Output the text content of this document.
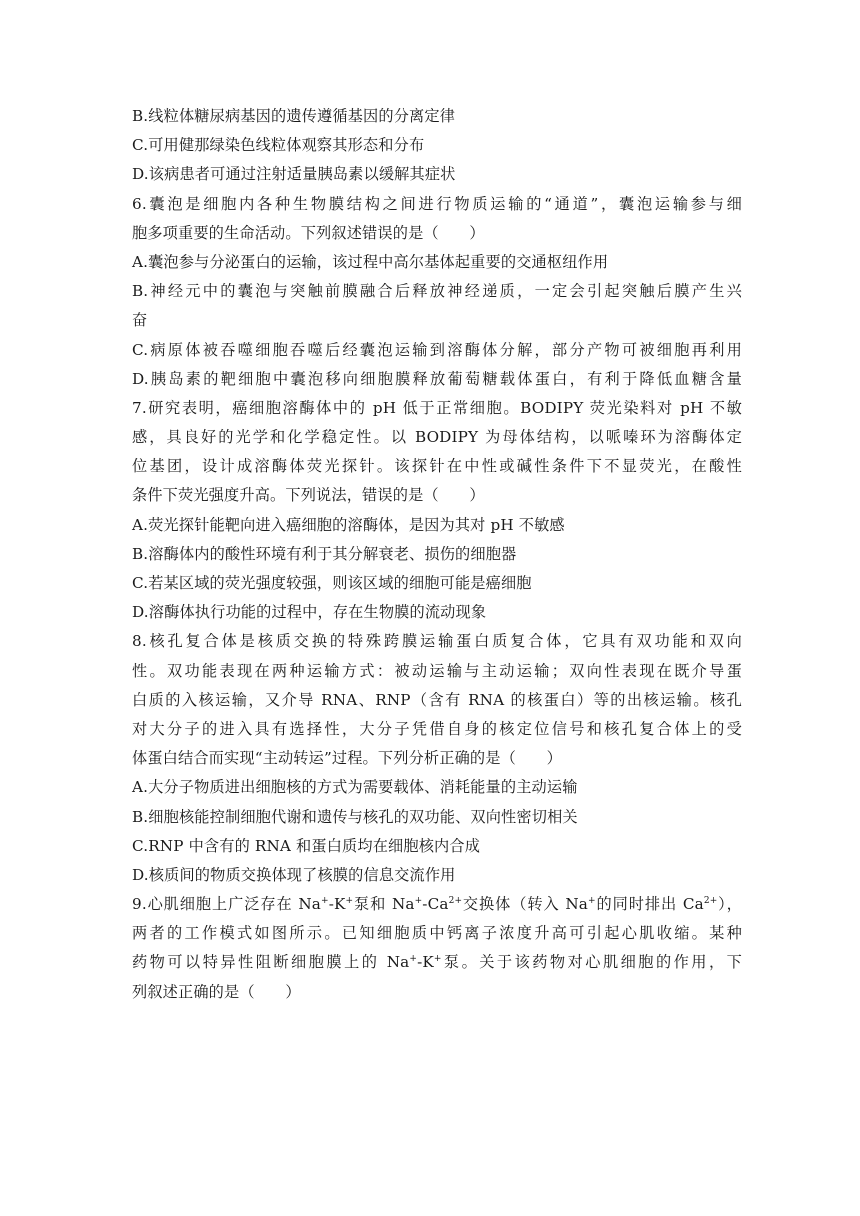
B.线粒体糖尿病基因的遗传遵循基因的分离定律
C.可用健那绿染色线粒体观察其形态和分布
D.该病患者可通过注射适量胰岛素以缓解其症状
6.囊泡是细胞内各种生物膜结构之间进行物质运输的“通道”，囊泡运输参与细
胞多项重要的生命活动。下列叙述错误的是（　　）
A.囊泡参与分泌蛋白的运输，该过程中高尔基体起重要的交通枢纽作用
B.神经元中的囊泡与突触前膜融合后释放神经递质，一定会引起突触后膜产生兴
奋
C.病原体被吞噬细胞吞噬后经囊泡运输到溶酶体分解，部分产物可被细胞再利用
D.胰岛素的靶细胞中囊泡移向细胞膜释放葡萄糖载体蛋白，有利于降低血糖含量
7.研究表明，癌细胞溶酶体中的 pH 低于正常细胞。BODIPY 荧光染料对 pH 不敏
感，具良好的光学和化学稳定性。以 BODIPY 为母体结构，以哌嗪环为溶酶体定
位基团，设计成溶酶体荧光探针。该探针在中性或碱性条件下不显荧光，在酸性
条件下荧光强度升高。下列说法，错误的是（　　）
A.荧光探针能靶向进入癌细胞的溶酶体，是因为其对 pH 不敏感
B.溶酶体内的酸性环境有利于其分解衰老、损伤的细胞器
C.若某区域的荧光强度较强，则该区域的细胞可能是癌细胞
D.溶酶体执行功能的过程中，存在生物膜的流动现象
8.核孔复合体是核质交换的特殊跨膜运输蛋白质复合体，它具有双功能和双向
性。双功能表现在两种运输方式：被动运输与主动运输；双向性表现在既介导蛋
白质的入核运输，又介导 RNA、RNP（含有 RNA 的核蛋白）等的出核运输。核孔
对大分子的进入具有选择性，大分子凭借自身的核定位信号和核孔复合体上的受
体蛋白结合而实现“主动转运”过程。下列分析正确的是（　　）
A.大分子物质进出细胞核的方式为需要载体、消耗能量的主动运输
B.细胞核能控制细胞代谢和遗传与核孔的双功能、双向性密切相关
C.RNP 中含有的 RNA 和蛋白质均在细胞核内合成
D.核质间的物质交换体现了核膜的信息交流作用
9.心肌细胞上广泛存在 Na+-K+泵和 $Na^+-Ca^{2+}$交换体（转入 Na+的同时排出 $Ca^{2+}$），
两者的工作模式如图所示。已知细胞质中钙离子浓度升高可引起心肌收缩。某种
药物可以特异性阻断细胞膜上的 Na+-K+泵。关于该药物对心肌细胞的作用，下
列叙述正确的是（　　）
